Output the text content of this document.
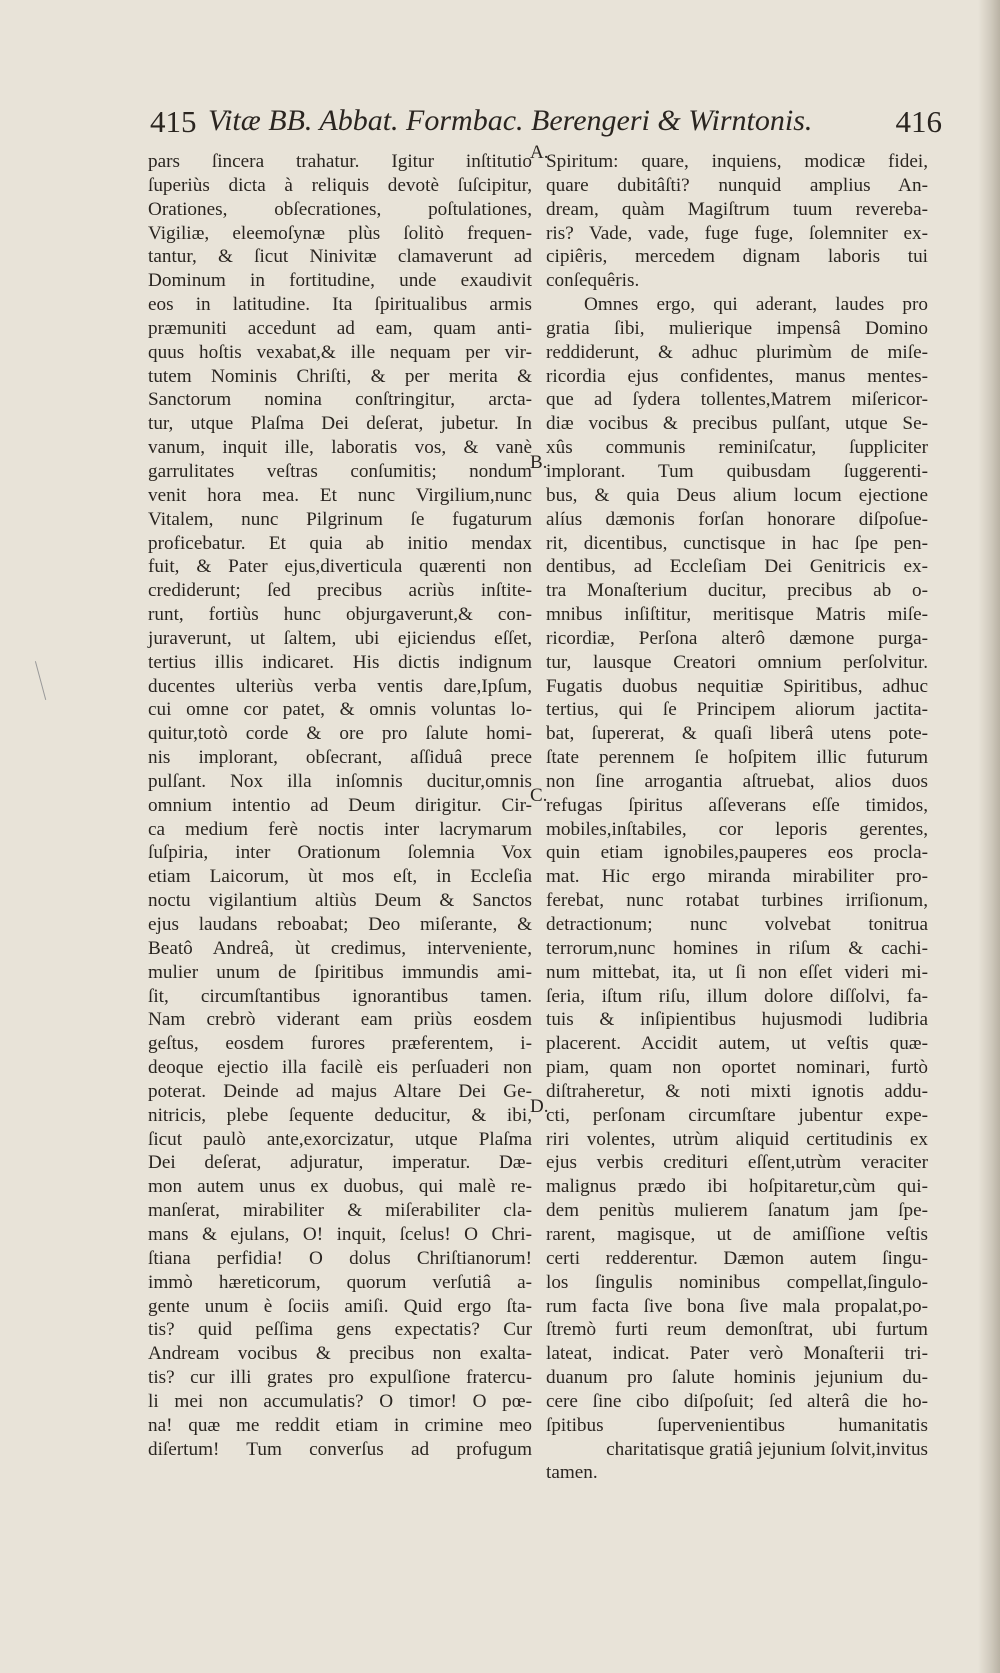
415 Vitæ BB. Abbat. Formbac. Berengeri & Wirntonis.	416
pars ſincera trahatur. Igitur inſtitutio
ſuperiùs dicta à reliquis devotè ſuſcipitur,
Orationes, obſecrationes, poſtulationes,
Vigiliæ, eleemoſynæ plùs ſolitò frequen-
tantur, & ſicut Ninivitæ clamaverunt ad
Dominum in fortitudine, unde exaudivit
eos in latitudine. Ita ſpiritualibus armis
præmuniti accedunt ad eam, quam anti-
quus hoſtis vexabat,& ille nequam per vir-
tutem Nominis Chriſti, & per merita &
Sanctorum nomina conſtringitur, arcta-
tur, utque Plaſma Dei deſerat, jubetur. In
vanum, inquit ille, laboratis vos, & vanè
garrulitates veſtras conſumitis; nondum
venit hora mea. Et nunc Virgilium,nunc
Vitalem, nunc Pilgrinum ſe fugaturum
proficebatur. Et quia ab initio mendax
fuit, & Pater ejus,diverticula quærenti non
crediderunt; ſed precibus acriùs inſtite-
runt, fortiùs hunc objurgaverunt,& con-
juraverunt, ut ſaltem, ubi ejiciendus eſſet,
tertius illis indicaret. His dictis indignum
ducentes ulteriùs verba ventis dare,Ipſum,
cui omne cor patet, & omnis voluntas lo-
quitur,totò corde & ore pro ſalute homi-
nis implorant, obſecrant, aſſiduâ prece
pulſant. Nox illa inſomnis ducitur,omnis
omnium intentio ad Deum dirigitur. Cir-
ca medium ferè noctis inter lacrymarum
ſuſpiria, inter Orationum ſolemnia Vox
etiam Laicorum, ùt mos eſt, in Eccleſia
noctu vigilantium altiùs Deum & Sanctos
ejus laudans reboabat; Deo miſerante, &
Beatô Andreâ, ùt credimus, interveniente,
mulier unum de ſpiritibus immundis ami-
ſit, circumſtantibus ignorantibus tamen.
Nam crebrò viderant eam priùs eosdem
geſtus, eosdem furores præferentem, i-
deoque ejectio illa facilè eis perſuaderi non
poterat. Deinde ad majus Altare Dei Ge-
nitricis, plebe ſequente deducitur, & ibi,
ſicut paulò ante,exorcizatur, utque Plaſma
Dei deſerat, adjuratur, imperatur. Dæ-
mon autem unus ex duobus, qui malè re-
manſerat, mirabiliter & miſerabiliter cla-
mans & ejulans, O! inquit, ſcelus! O Chri-
ſtiana perfidia! O dolus Chriſtianorum!
immò hæreticorum, quorum verſutiâ a-
gente unum è ſociis amiſi. Quid ergo ſta-
tis? quid peſſima gens expectatis? Cur
Andream vocibus & precibus non exalta-
tis? cur illi grates pro expulſione fratercu-
li mei non accumulatis? O timor! O pœ-
na! quæ me reddit etiam in crimine meo
diſertum! Tum converſus ad profugum
Spiritum: quare, inquiens, modicæ fidei,
quare dubitâſti? nunquid amplius An-
dream, quàm Magiſtrum tuum revereba-
ris? Vade, vade, fuge fuge, ſolemniter ex-
cipiêris, mercedem dignam laboris tui
conſequêris.
Omnes ergo, qui aderant, laudes pro
gratia ſibi, mulierique impensâ Domino
reddiderunt, & adhuc plurimùm de miſe-
ricordia ejus confidentes, manus mentes-
que ad ſydera tollentes,Matrem miſericor-
diæ vocibus & precibus pulſant, utque Se-
xûs communis reminiſcatur, ſuppliciter
implorant. Tum quibusdam ſuggerenti-
bus, & quia Deus alium locum ejectione
alíus dæmonis forſan honorare diſpoſue-
rit, dicentibus, cunctisque in hac ſpe pen-
dentibus, ad Eccleſiam Dei Genitricis ex-
tra Monaſterium ducitur, precibus ab o-
mnibus inſiſtitur, meritisque Matris miſe-
ricordiæ, Perſona alterô dæmone purga-
tur, lausque Creatori omnium perſolvitur.
Fugatis duobus nequitiæ Spiritibus, adhuc
tertius, qui ſe Principem aliorum jactita-
bat, ſupererat, & quaſi liberâ utens pote-
ſtate perennem ſe hoſpitem illic futurum
non ſine arrogantia aſtruebat, alios duos
refugas ſpiritus aſſeverans eſſe timidos,
mobiles,inſtabiles, cor leporis gerentes,
quin etiam ignobiles,pauperes eos procla-
mat. Hic ergo miranda mirabiliter pro-
ferebat, nunc rotabat turbines irriſionum,
detractionum; nunc volvebat tonitrua
terrorum,nunc homines in riſum & cachi-
num mittebat, ita, ut ſi non eſſet videri mi-
ſeria, iſtum riſu, illum dolore diſſolvi, fa-
tuis & inſipientibus hujusmodi ludibria
placerent. Accidit autem, ut veſtis quæ-
piam, quam non oportet nominari, furtò
diſtraheretur, & noti mixti ignotis addu-
cti, perſonam circumſtare jubentur expe-
riri volentes, utrùm aliquid certitudinis ex
ejus verbis credituri eſſent,utrùm veraciter
malignus prædo ibi hoſpitaretur,cùm qui-
dem penitùs mulierem ſanatum jam ſpe-
rarent, magisque, ut de amiſſione veſtis
certi redderentur. Dæmon autem ſingu-
los ſingulis nominibus compellat,ſingulo-
rum facta ſive bona ſive mala propalat,po-
ſtremò furti reum demonſtrat, ubi furtum
lateat, indicat. Pater verò Monaſterii tri-
duanum pro ſalute hominis jejunium du-
cere ſine cibo diſpoſuit; ſed alterâ die ho-
ſpitibus ſupervenientibus humanitatis
charitatisque gratiâ jejunium ſolvit,invitus
tamen.
A.
B.
C.
D.
